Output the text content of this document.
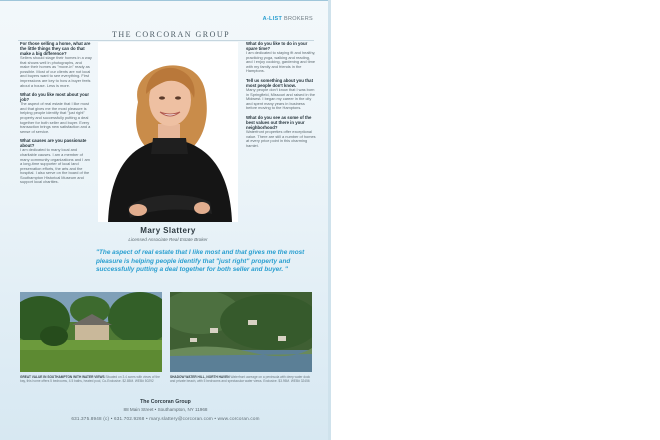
A-LIST BROKERS
THE CORCORAN GROUP
For those selling a home, what are the little things they can do that make a big difference?
Sellers should stage their homes in a way that shows well in photographs, and make their homes as "move-in" ready as possible. Most of our clients are not local and buyers want to see everything. First impressions are key to how a buyer feels about a house. Less is more.
What do you like most about your job?
The aspect of real estate that I like most and that gives me the most pleasure is helping people identify that "just right" property and successfully putting a deal together for both seller and buyer. Every transaction brings new satisfaction and a sense of service.
What causes are you passionate about?
I am dedicated to many local and charitable causes. I am a member of many community organizations and I am a long-time supporter of local land preservation efforts, the arts and the hospital. I also serve on the board of the Southampton Historical Museum and support local charities.
Mary Slattery
Licensed Associate Real Estate Broker
What do you like to do in your spare time?
I am dedicated to staying fit and healthy, practicing yoga, walking and reading, and I enjoy cooking, gardening and time with my family and friends in the Hamptons.
Tell us something about you that most people don't know.
Many people don't know that I was born in Springfield, Missouri and raised in the Midwest. I began my career in the city and spent many years in business before moving to the Hamptons.
What do you see as some of the best values out there in your neighborhood?
Waterfront properties offer exceptional value. There are still a number of homes at every price point in this charming hamlet.
"The aspect of real estate that I like most and that gives me the most pleasure is helping people identify that "just right" property and successfully putting a deal together for both seller and buyer. "
GREAT VALUE IN SOUTHAMPTON WITH WATER VIEWS Situated on 3.4 acres with views of the bay, this home offers 5 bedrooms, 4.5 baths, heated pool, Co-Exclusive. $2.85M. WEB# 50292
SHADOW WATER HILL, NORTH HAVEN Waterfront acreage on a peninsula with deep water dock and private beach, with 5 bedrooms and spectacular water views. Exclusive. $3.95M. WEB# 32456
The Corcoran Group
88 Main Street • Southampton, NY 11968
631.375.8948 (c) • 631.702.9268 • mary.slattery@corcoran.com • www.corcoran.com
